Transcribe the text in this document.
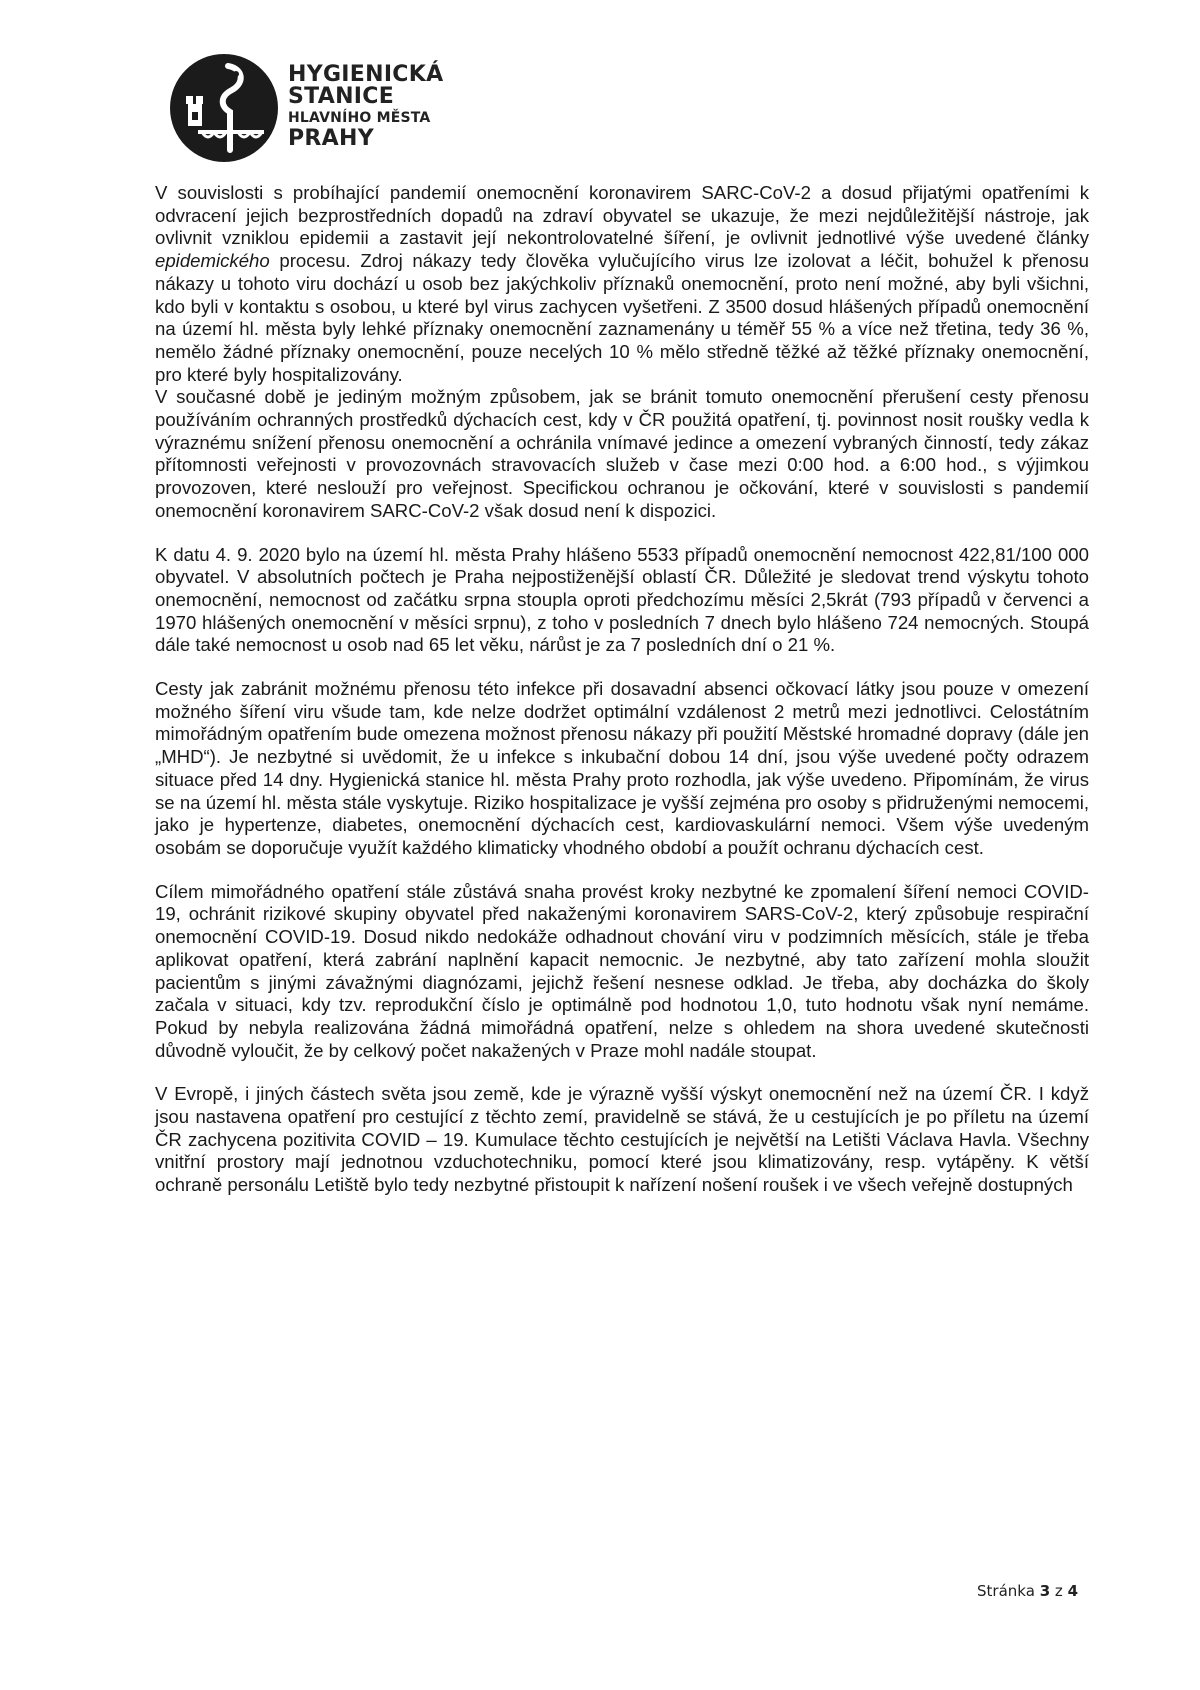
HYGIENICKÁ
STANICE
HLAVNÍHO MĚSTA
PRAHY

V souvislosti s probíhající pandemií onemocnění koronavirem SARC-CoV-2 a dosud přijatými opatřeními k odvracení jejich bezprostředních dopadů na zdraví obyvatel se ukazuje, že mezi nejdůležitější nástroje, jak ovlivnit vzniklou epidemii a zastavit její nekontrolovatelné šíření, je ovlivnit jednotlivé výše uvedené články epidemického procesu. Zdroj nákazy tedy člověka vylučujícího virus lze izolovat a léčit, bohužel k přenosu nákazy u tohoto viru dochází u osob bez jakýchkoliv příznaků onemocnění, proto není možné, aby byli všichni, kdo byli v kontaktu s osobou, u které byl virus zachycen vyšetřeni. Z 3500 dosud hlášených případů onemocnění na území hl. města byly lehké příznaky onemocnění zaznamenány u téměř 55 % a více než třetina, tedy 36 %, nemělo žádné příznaky onemocnění, pouze necelých 10 % mělo středně těžké až těžké příznaky onemocnění, pro které byly hospitalizovány.

V současné době je jediným možným způsobem, jak se bránit tomuto onemocnění přerušení cesty přenosu používáním ochranných prostředků dýchacích cest, kdy v ČR použitá opatření, tj. povinnost nosit roušky vedla k výraznému snížení přenosu onemocnění a ochránila vnímavé jedince a omezení vybraných činností, tedy zákaz přítomnosti veřejnosti v provozovnách stravovacích služeb v čase mezi 0:00 hod. a 6:00 hod., s výjimkou provozoven, které neslouží pro veřejnost. Specifickou ochranou je očkování, které v souvislosti s pandemií onemocnění koronavirem SARC-CoV-2 však dosud není k dispozici.

K datu 4. 9. 2020 bylo na území hl. města Prahy hlášeno 5533 případů onemocnění nemocnost 422,81/100 000 obyvatel. V absolutních počtech je Praha nejpostiženější oblastí ČR. Důležité je sledovat trend výskytu tohoto onemocnění, nemocnost od začátku srpna stoupla oproti předchozímu měsíci 2,5krát (793 případů v červenci a 1970 hlášených onemocnění v měsíci srpnu), z toho v posledních 7 dnech bylo hlášeno 724 nemocných. Stoupá dále také nemocnost u osob nad 65 let věku, nárůst je za 7 posledních dní o 21 %.

Cesty jak zabránit možnému přenosu této infekce při dosavadní absenci očkovací látky jsou pouze v omezení možného šíření viru všude tam, kde nelze dodržet optimální vzdálenost 2 metrů mezi jednotlivci. Celostátním mimořádným opatřením bude omezena možnost přenosu nákazy při použití Městské hromadné dopravy (dále jen „MHD“). Je nezbytné si uvědomit, že u infekce s inkubační dobou 14 dní, jsou výše uvedené počty odrazem situace před 14 dny. Hygienická stanice hl. města Prahy proto rozhodla, jak výše uvedeno. Připomínám, že virus se na území hl. města stále vyskytuje. Riziko hospitalizace je vyšší zejména pro osoby s přidruženými nemocemi, jako je hypertenze, diabetes, onemocnění dýchacích cest, kardiovaskulární nemoci. Všem výše uvedeným osobám se doporučuje využít každého klimaticky vhodného období a použít ochranu dýchacích cest.

Cílem mimořádného opatření stále zůstává snaha provést kroky nezbytné ke zpomalení šíření nemoci COVID-19, ochránit rizikové skupiny obyvatel před nakaženými koronavirem SARS-CoV-2, který způsobuje respirační onemocnění COVID-19. Dosud nikdo nedokáže odhadnout chování viru v podzimních měsících, stále je třeba aplikovat opatření, která zabrání naplnění kapacit nemocnic. Je nezbytné, aby tato zařízení mohla sloužit pacientům s jinými závažnými diagnózami, jejichž řešení nesnese odklad. Je třeba, aby docházka do školy začala v situaci, kdy tzv. reprodukční číslo je optimálně pod hodnotou 1,0, tuto hodnotu však nyní nemáme. Pokud by nebyla realizována žádná mimořádná opatření, nelze s ohledem na shora uvedené skutečnosti důvodně vyloučit, že by celkový počet nakažených v Praze mohl nadále stoupat.

V Evropě, i jiných částech světa jsou země, kde je výrazně vyšší výskyt onemocnění než na území ČR. I když jsou nastavena opatření pro cestující z těchto zemí, pravidelně se stává, že u cestujících je po příletu na území ČR zachycena pozitivita COVID – 19. Kumulace těchto cestujících je největší na Letišti Václava Havla. Všechny vnitřní prostory mají jednotnou vzduchotechniku, pomocí které jsou klimatizovány, resp. vytápěny. K větší ochraně personálu Letiště bylo tedy nezbytné přistoupit k nařízení nošení roušek i ve všech veřejně dostupných

Stránka 3 z 4
